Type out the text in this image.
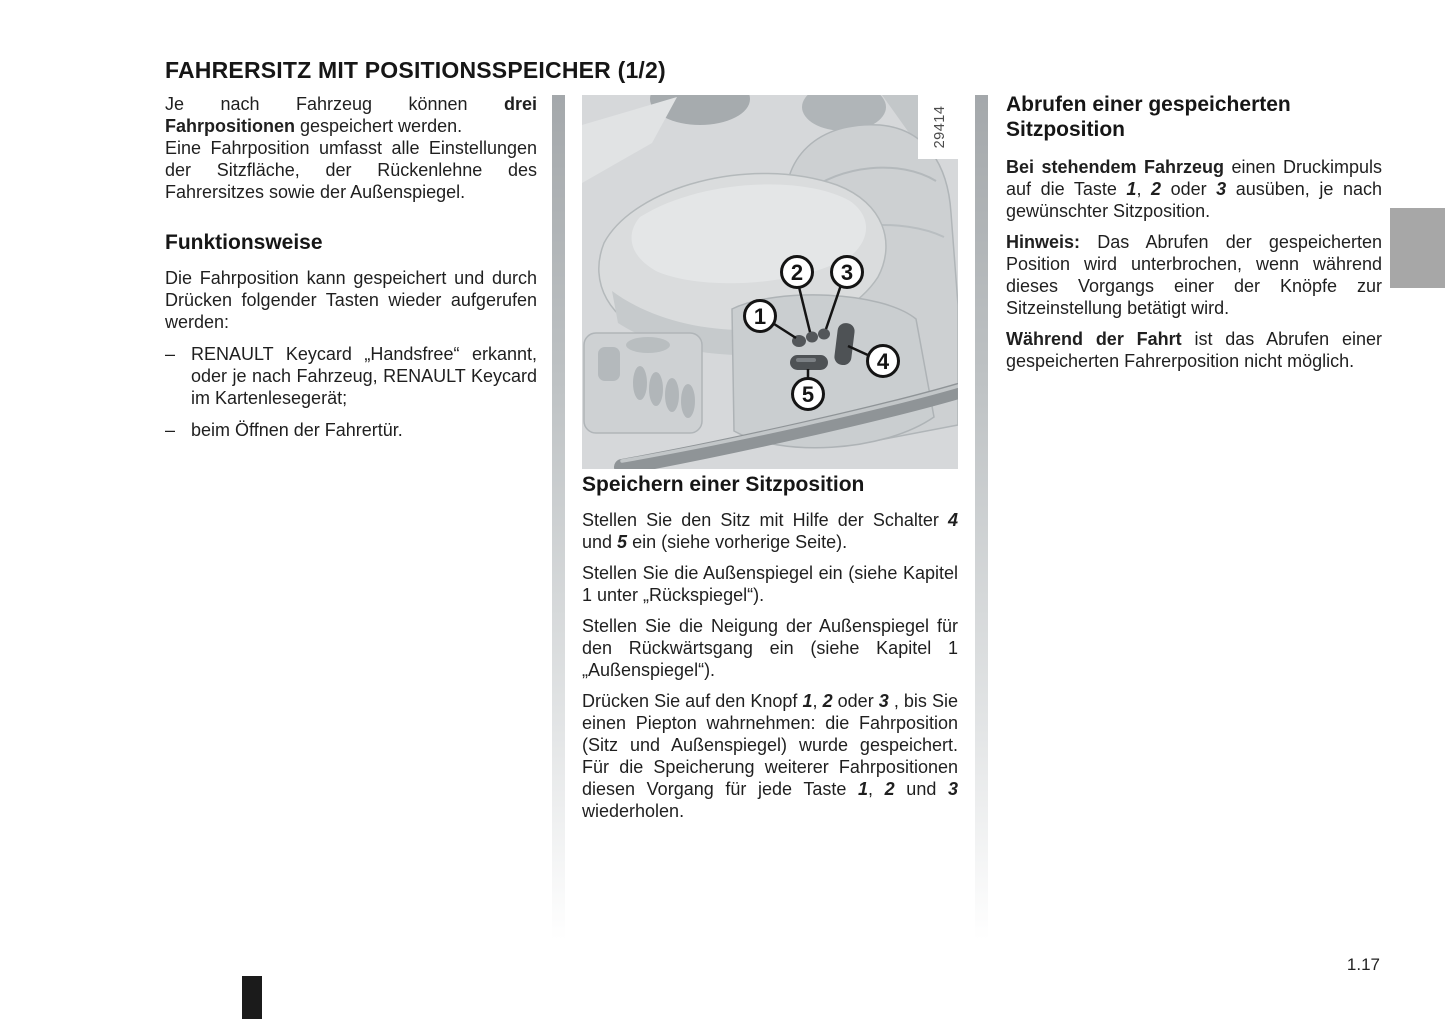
FAHRERSITZ MIT POSITIONSSPEICHER (1/2)

Je nach Fahrzeug können drei Fahrpositionen gespeichert werden.

Eine Fahrposition umfasst alle Einstellungen der Sitzfläche, der Rückenlehne des Fahrersitzes sowie der Außenspiegel.

Funktionsweise

Die Fahrposition kann gespeichert und durch Drücken folgender Tasten wieder aufgerufen werden:

– RENAULT Keycard „Handsfree“ erkannt, oder je nach Fahrzeug, RENAULT Keycard im Kartenlesegerät;

– beim Öffnen der Fahrertür.

1
2 3
4
5
29414
Speichern einer Sitzposition

Stellen Sie den Sitz mit Hilfe der Schalter 4 und 5 ein (siehe vorherige Seite).

Stellen Sie die Außenspiegel ein (siehe Kapitel 1 unter „Rückspiegel“).

Stellen Sie die Neigung der Außenspiegel für den Rückwärtsgang ein (siehe Kapitel 1 „Außenspiegel“).

Drücken Sie auf den Knopf 1, 2 oder 3 , bis Sie einen Piepton wahrnehmen: die Fahrposition (Sitz und Außenspiegel) wurde gespeichert. Für die Speicherung weiterer Fahrpositionen diesen Vorgang für jede Taste 1, 2 und 3 wiederholen.

Abrufen einer gespeicherten Sitzposition

Bei stehendem Fahrzeug einen Druckimpuls auf die Taste 1, 2 oder 3 ausüben, je nach gewünschter Sitzposition.

Hinweis: Das Abrufen der gespeicherten Position wird unterbrochen, wenn während dieses Vorgangs einer der Knöpfe zur Sitzeinstellung betätigt wird.

Während der Fahrt ist das Abrufen einer gespeicherten Fahrerposition nicht möglich.

1.17
